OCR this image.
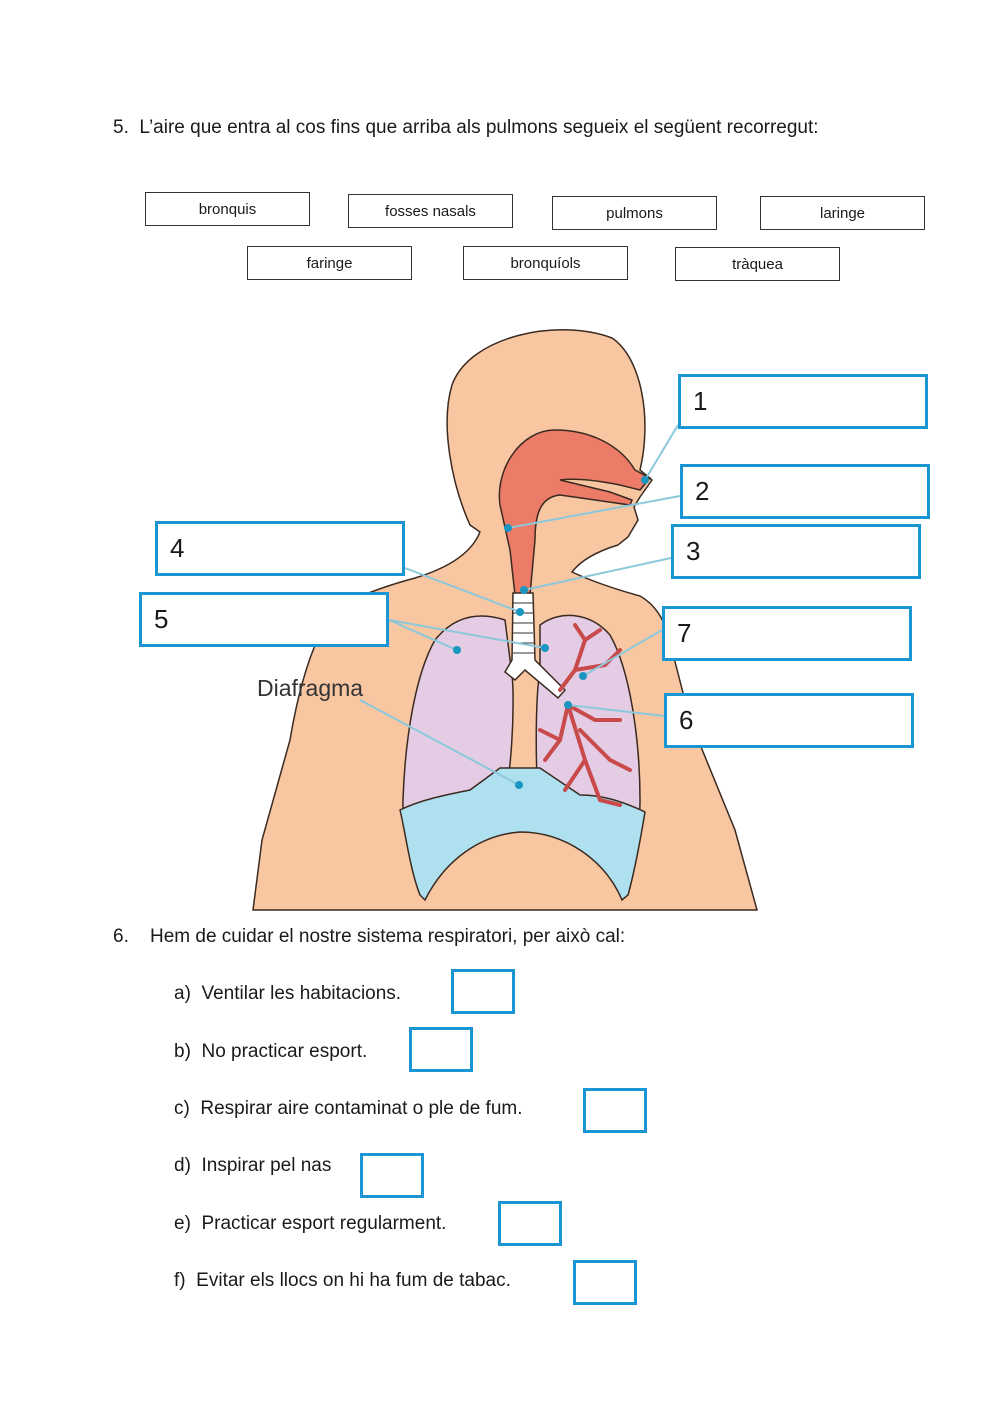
5. L’aire que entra al cos fins que arriba als pulmons segueix el següent recorregut:
bronquis	fosses nasals	pulmons	laringe
faringe	bronquíols	tràquea
Diafragma
1
2
3
4
5	7
6
6. Hem de cuidar el nostre sistema respiratori, per això cal:
a) Ventilar les habitacions.
b) No practicar esport.
c) Respirar aire contaminat o ple de fum.
d) Inspirar pel nas
e) Practicar esport regularment.
f) Evitar els llocs on hi ha fum de tabac.
